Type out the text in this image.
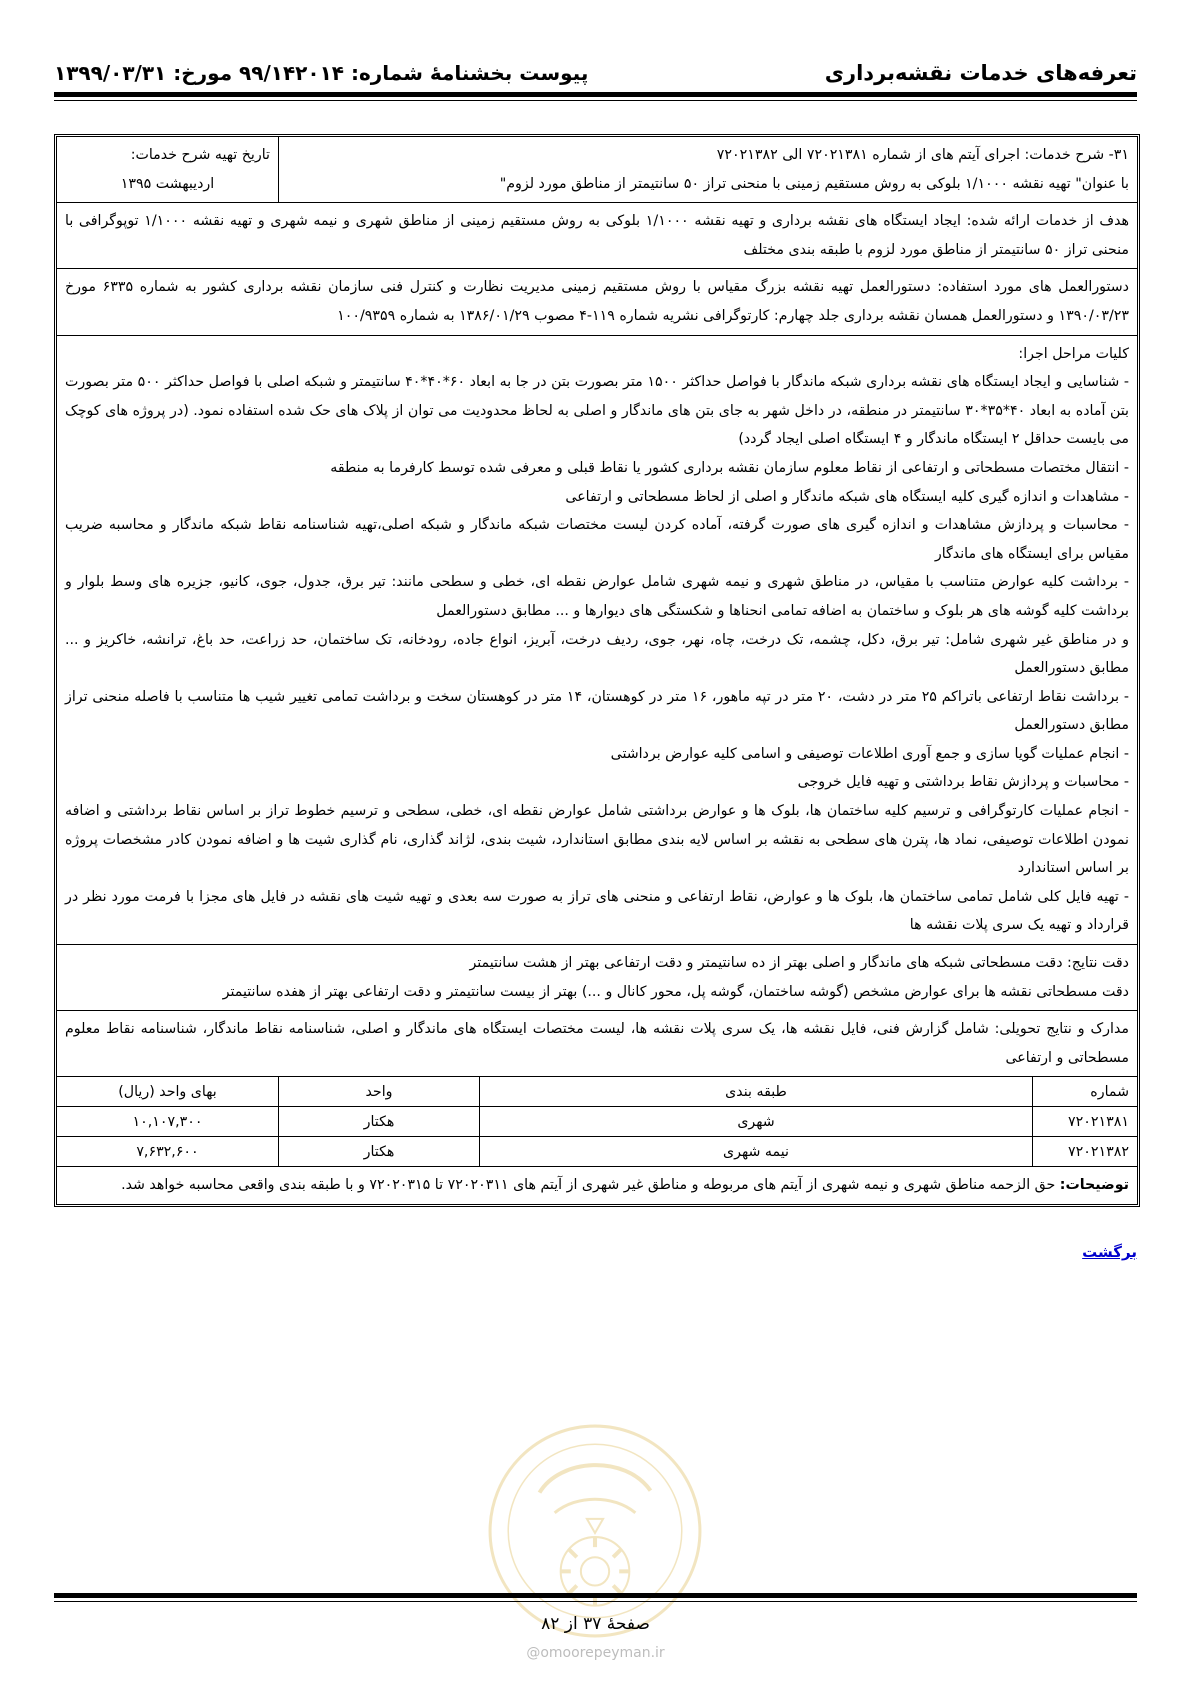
تعرفه‌های خدمات نقشه‌برداری
پیوست بخشنامهٔ شماره: ۹۹/۱۴۲۰۱۴ مورخ: ۱۳۹۹/۰۳/۳۱
۳۱- شرح خدمات: اجرای آیتم های از شماره ۷۲۰۲۱۳۸۱ الی ۷۲۰۲۱۳۸۲
با عنوان" تهیه نقشه ۱/۱۰۰۰ بلوکی به روش مستقیم زمینی با منحنی تراز ۵۰ سانتیمتر از مناطق مورد لزوم"
تاریخ تهیه شرح خدمات:
اردیبهشت ۱۳۹۵
هدف از خدمات ارائه شده: ایجاد ایستگاه های نقشه برداری و تهیه نقشه ۱/۱۰۰۰ بلوکی به روش مستقیم زمینی از مناطق شهری و نیمه شهری و تهیه نقشه ۱/۱۰۰۰ توپوگرافی با منحنی تراز ۵۰ سانتیمتر از مناطق مورد لزوم با طبقه بندی مختلف
دستورالعمل های مورد استفاده: دستورالعمل تهیه نقشه بزرگ مقیاس با روش مستقیم زمینی مدیریت نظارت و کنترل فنی سازمان نقشه برداری کشور به شماره ۶۳۳۵ مورخ ۱۳۹۰/۰۳/۲۳ و دستورالعمل همسان نقشه برداری جلد چهارم: کارتوگرافی نشریه شماره ۱۱۹-۴ مصوب ۱۳۸۶/۰۱/۲۹ به شماره ۱۰۰/۹۳۵۹
کلیات مراحل اجرا:
- شناسایی و ایجاد ایستگاه های نقشه برداری شبکه ماندگار با فواصل حداکثر ۱۵۰۰ متر بصورت بتن در جا به ابعاد ۶۰*۴۰*۴۰ سانتیمتر و شبکه اصلی با فواصل حداکثر ۵۰۰ متر بصورت بتن آماده به ابعاد ۴۰*۳۵*۳۰ سانتیمتر در منطقه، در داخل شهر به جای بتن های ماندگار و اصلی به لحاظ محدودیت می توان از پلاک های حک شده استفاده نمود. (در پروژه های کوچک می بایست حداقل ۲ ایستگاه ماندگار و ۴ ایستگاه اصلی ایجاد گردد)
- انتقال مختصات مسطحاتی و ارتفاعی از نقاط معلوم سازمان نقشه برداری کشور یا نقاط قبلی و معرفی شده توسط کارفرما به منطقه
- مشاهدات و اندازه گیری کلیه ایستگاه های شبکه ماندگار و اصلی از لحاظ مسطحاتی و ارتفاعی
- محاسبات و پردازش مشاهدات و اندازه گیری های صورت گرفته، آماده کردن لیست مختصات شبکه ماندگار و شبکه اصلی،تهیه شناسنامه نقاط شبکه ماندگار و محاسبه ضریب مقیاس برای ایستگاه های ماندگار
- برداشت کلیه عوارض متناسب با مقیاس، در مناطق شهری و نیمه شهری شامل عوارض نقطه ای، خطی و سطحی مانند: تیر برق، جدول، جوی، کانیو، جزیره های وسط بلوار و برداشت کلیه گوشه های هر بلوک و ساختمان به اضافه تمامی انحناها و شکستگی های دیوارها و ... مطابق دستورالعمل
و در مناطق غیر شهری شامل: تیر برق، دکل، چشمه، تک درخت، چاه، نهر، جوی، ردیف درخت، آبریز، انواع جاده، رودخانه، تک ساختمان، حد زراعت، حد باغ، ترانشه، خاکریز و ... مطابق دستورالعمل
- برداشت نقاط ارتفاعی باتراکم ۲۵ متر در دشت، ۲۰ متر در تپه ماهور، ۱۶ متر در کوهستان، ۱۴ متر در کوهستان سخت و برداشت تمامی تغییر شیب ها متناسب با فاصله منحنی تراز مطابق دستورالعمل
- انجام عملیات گویا سازی و جمع آوری اطلاعات توصیفی و اسامی کلیه عوارض برداشتی
- محاسبات و پردازش نقاط برداشتی و تهیه فایل خروجی
- انجام عملیات کارتوگرافی و ترسیم کلیه ساختمان ها، بلوک ها و عوارض برداشتی شامل عوارض نقطه ای، خطی، سطحی و ترسیم خطوط تراز بر اساس نقاط برداشتی و اضافه نمودن اطلاعات توصیفی، نماد ها، پترن های سطحی به نقشه بر اساس لایه بندی مطابق استاندارد، شیت بندی، لژاند گذاری، نام گذاری شیت ها و اضافه نمودن کادر مشخصات پروژه بر اساس استاندارد
- تهیه فایل کلی شامل تمامی ساختمان ها، بلوک ها و عوارض، نقاط ارتفاعی و منحنی های تراز به صورت سه بعدی و تهیه شیت های نقشه در فایل های مجزا با فرمت مورد نظر در قرارداد و تهیه یک سری پلات نقشه ها
دقت نتایج: دقت مسطحاتی شبکه های ماندگار و اصلی بهتر از ده سانتیمتر و دقت ارتفاعی بهتر از هشت سانتیمتر
دقت مسطحاتی نقشه ها برای عوارض مشخص (گوشه ساختمان، گوشه پل، محور کانال و ...) بهتر از بیست سانتیمتر و دقت ارتفاعی بهتر از هفده سانتیمتر
مدارک و نتایج تحویلی: شامل گزارش فنی، فایل نقشه ها، یک سری پلات نقشه ها، لیست مختصات ایستگاه های ماندگار و اصلی، شناسنامه نقاط ماندگار، شناسنامه نقاط معلوم مسطحاتی و ارتفاعی
شماره	طبقه بندی	واحد	بهای واحد (ریال)
۷۲۰۲۱۳۸۱	شهری	هکتار	۱۰,۱۰۷,۳۰۰
۷۲۰۲۱۳۸۲	نیمه شهری	هکتار	۷,۶۳۲,۶۰۰
توضیحات: حق الزحمه مناطق شهری و نیمه شهری از آیتم های مربوطه و مناطق غیر شهری از آیتم های ۷۲۰۲۰۳۱۱ تا ۷۲۰۲۰۳۱۵ و با طبقه بندی واقعی محاسبه خواهد شد.
برگشت
صفحهٔ ۳۷ از ۸۲
@omoorepeyman.ir
